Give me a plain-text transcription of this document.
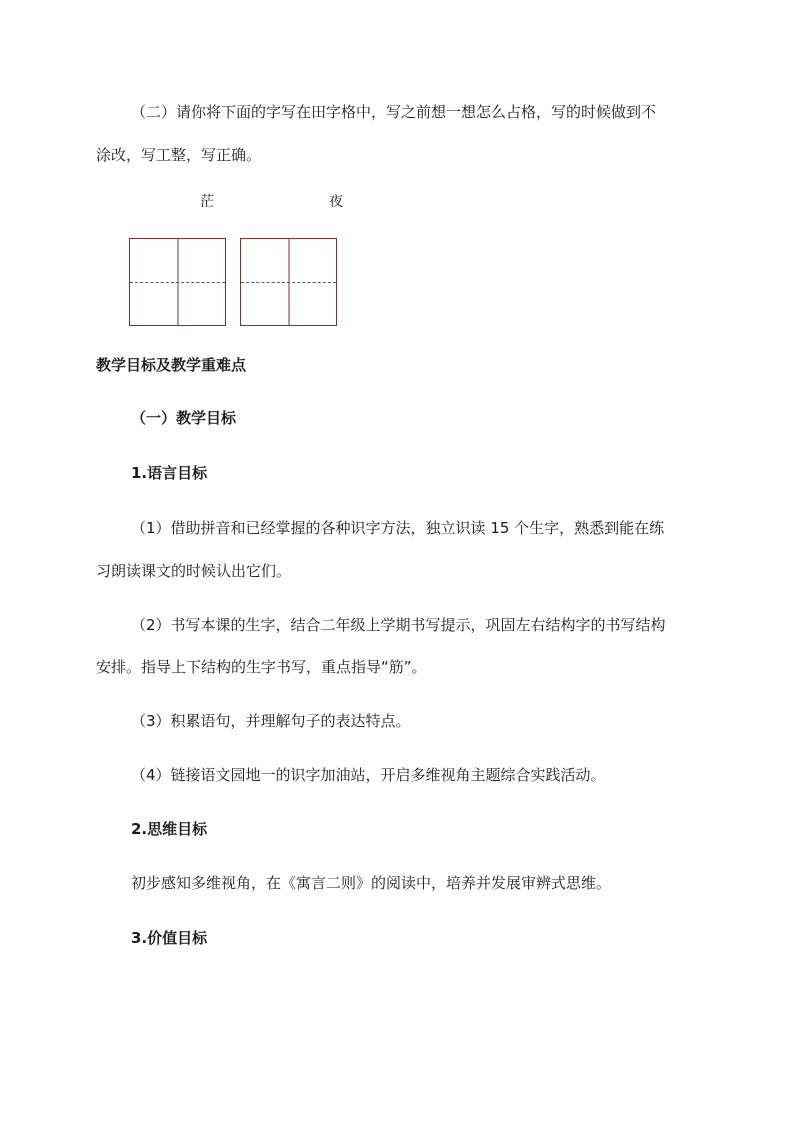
（二）请你将下面的字写在田字格中，写之前想一想怎么占格，写的时候做到不
涂改，写工整，写正确。
茫	夜
教学目标及教学重难点
（一）教学目标
1.语言目标
（1）借助拼音和已经掌握的各种识字方法，独立识读 15 个生字，熟悉到能在练
习朗读课文的时候认出它们。
（2）书写本课的生字，结合二年级上学期书写提示，巩固左右结构字的书写结构
安排。指导上下结构的生字书写，重点指导“筋”。
（3）积累语句，并理解句子的表达特点。
（4）链接语文园地一的识字加油站，开启多维视角主题综合实践活动。
2.思维目标
初步感知多维视角，在《寓言二则》的阅读中，培养并发展审辨式思维。
3.价值目标
